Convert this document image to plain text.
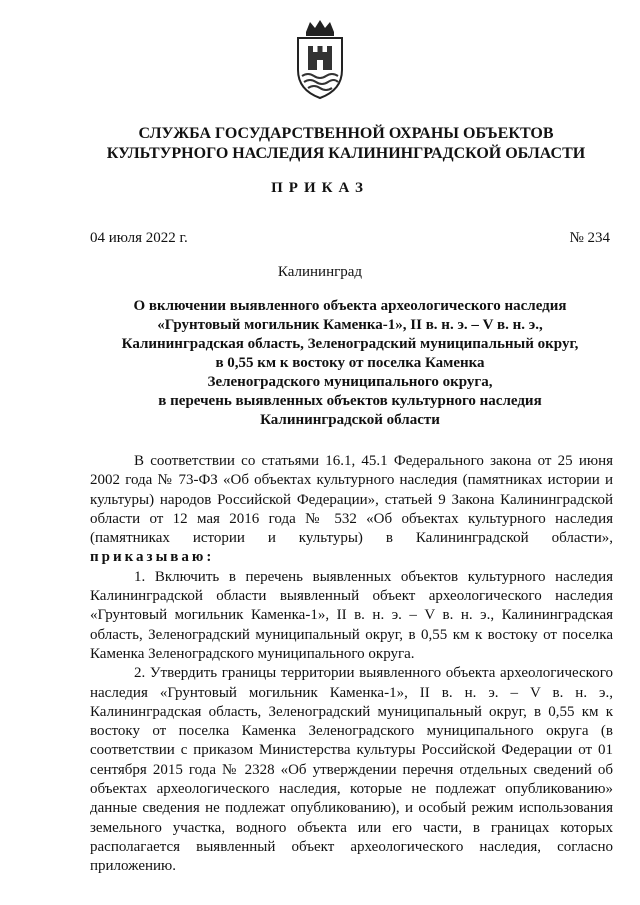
СЛУЖБА ГОСУДАРСТВЕННОЙ ОХРАНЫ ОБЪЕКТОВ
КУЛЬТУРНОГО НАСЛЕДИЯ КАЛИНИНГРАДСКОЙ ОБЛАСТИ
ПРИКАЗ
04 июля 2022 г.	№ 234
Калининград
О включении выявленного объекта археологического наследия
«Грунтовый могильник Каменка-1», II в. н. э. – V в. н. э.,
Калининградская область, Зеленоградский муниципальный округ,
в 0,55 км к востоку от поселка Каменка
Зеленоградского муниципального округа,
в перечень выявленных объектов культурного наследия
Калининградской области

В соответствии со статьями 16.1, 45.1 Федерального закона от 25 июня 2002 года № 73-ФЗ «Об объектах культурного наследия (памятниках истории и культуры) народов Российской Федерации», статьей 9 Закона Калининградской области от 12 мая 2016 года № 532 «Об объектах культурного наследия (памятниках истории и культуры) в Калининградской области», приказываю:

1. Включить в перечень выявленных объектов культурного наследия Калининградской области выявленный объект археологического наследия «Грунтовый могильник Каменка-1», II в. н. э. – V в. н. э., Калининградская область, Зеленоградский муниципальный округ, в 0,55 км к востоку от поселка Каменка Зеленоградского муниципального округа.

2. Утвердить границы территории выявленного объекта археологического наследия «Грунтовый могильник Каменка-1», II в. н. э. – V в. н. э., Калининградская область, Зеленоградский муниципальный округ, в 0,55 км к востоку от поселка Каменка Зеленоградского муниципального округа (в соответствии с приказом Министерства культуры Российской Федерации от 01 сентября 2015 года № 2328 «Об утверждении перечня отдельных сведений об объектах археологического наследия, которые не подлежат опубликованию» данные сведения не подлежат опубликованию), и особый режим использования земельного участка, водного объекта или его части, в границах которых располагается выявленный объект археологического наследия, согласно приложению.
